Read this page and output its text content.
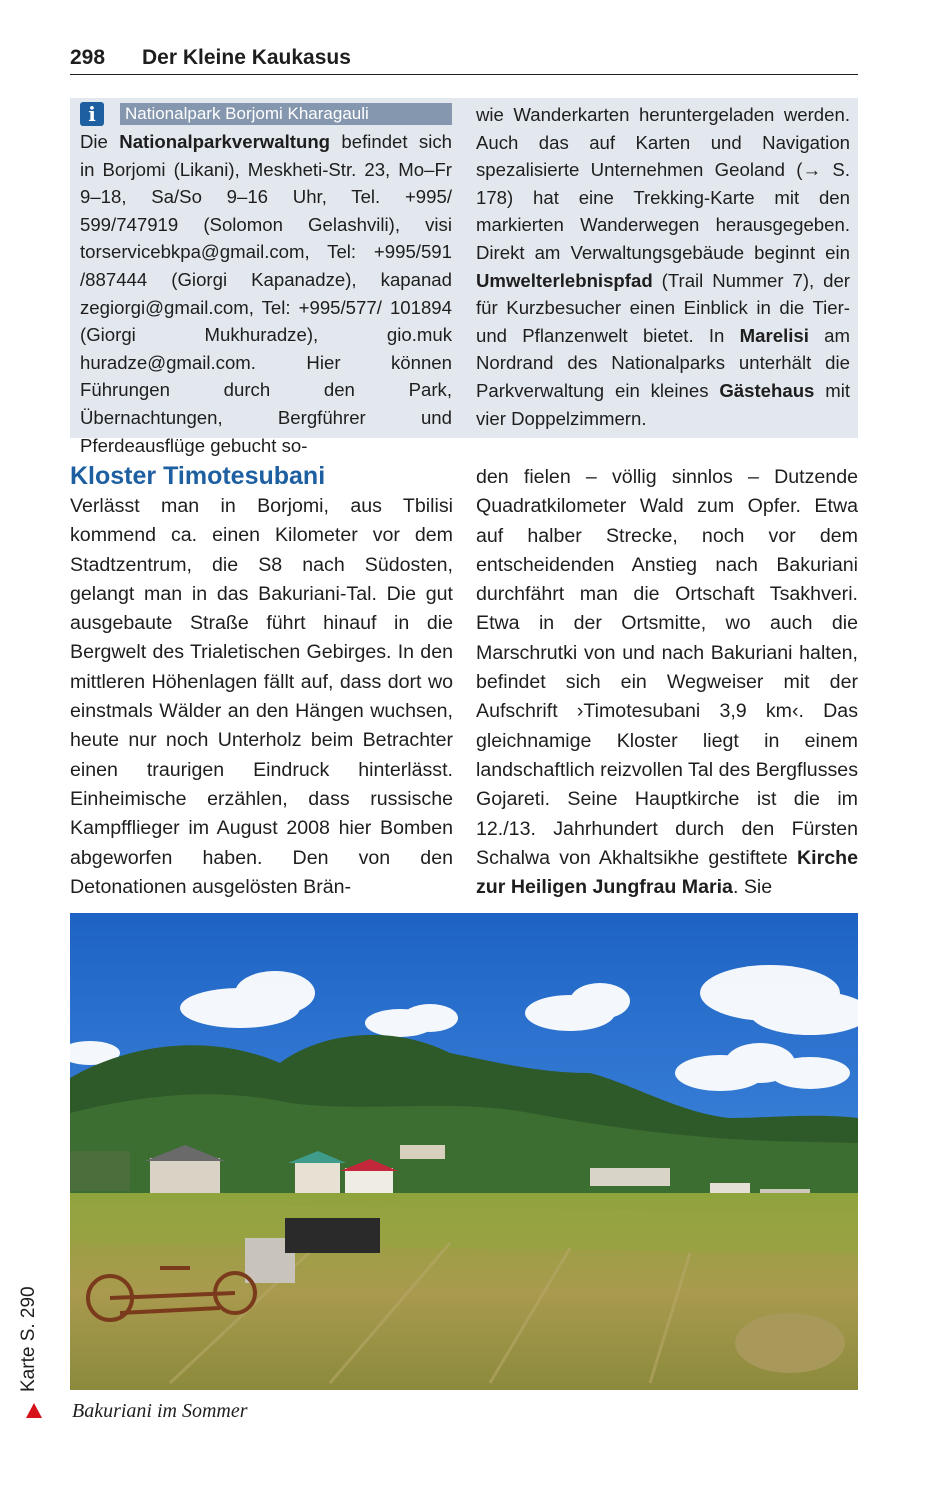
298 Der Kleine Kaukasus
i	Nationalpark Borjomi Kharagauli

Die Nationalparkverwaltung befindet sich in Borjomi (Likani), Meskheti-Str. 23, Mo–Fr 9–18, Sa/So 9–16 Uhr, Tel. +995/ 599/747919 (Solomon Gelashvili), visi torservicebkpa@gmail.com, Tel: +995/591 /887444 (Giorgi Kapanadze), kapanad zegiorgi@gmail.com, Tel: +995/577/ 101894 (Giorgi Mukhuradze), gio.muk huradze@gmail.com. Hier können Führungen durch den Park, Übernachtungen, Bergführer und Pferdeausflüge gebucht so-

wie Wanderkarten heruntergeladen werden. Auch das auf Karten und Navigation spezalisierte Unternehmen Geoland (→ S. 178) hat eine Trekking-Karte mit den markierten Wanderwegen herausgegeben. Direkt am Verwaltungsgebäude beginnt ein Umwelterlebnispfad (Trail Nummer 7), der für Kurzbesucher einen Einblick in die Tier- und Pflanzenwelt bietet. In Marelisi am Nordrand des Nationalparks unterhält die Parkverwaltung ein kleines Gästehaus mit vier Doppelzimmern.

Kloster Timotesubani

Verlässt man in Borjomi, aus Tbilisi kommend ca. einen Kilometer vor dem Stadtzentrum, die S8 nach Südosten, gelangt man in das Bakuriani-Tal. Die gut ausgebaute Straße führt hinauf in die Bergwelt des Trialetischen Gebirges. In den mittleren Höhenlagen fällt auf, dass dort wo einstmals Wälder an den Hängen wuchsen, heute nur noch Unterholz beim Betrachter einen traurigen Eindruck hinterlässt. Einheimische erzählen, dass russische Kampfflieger im August 2008 hier Bomben abgeworfen haben. Den von den Detonationen ausgelösten Brän-

den fielen – völlig sinnlos – Dutzende Quadratkilometer Wald zum Opfer. Etwa auf halber Strecke, noch vor dem entscheidenden Anstieg nach Bakuriani durchfährt man die Ortschaft Tsakhveri. Etwa in der Ortsmitte, wo auch die Marschrutki von und nach Bakuriani halten, befindet sich ein Wegweiser mit der Aufschrift ›Timotesubani 3,9 km‹. Das gleichnamige Kloster liegt in einem landschaftlich reizvollen Tal des Bergflusses Gojareti. Seine Hauptkirche ist die im 12./13. Jahrhundert durch den Fürsten Schalwa von Akhaltsikhe gestiftete Kirche zur Heiligen Jungfrau Maria. Sie

Bakuriani im Sommer
Karte S. 290
